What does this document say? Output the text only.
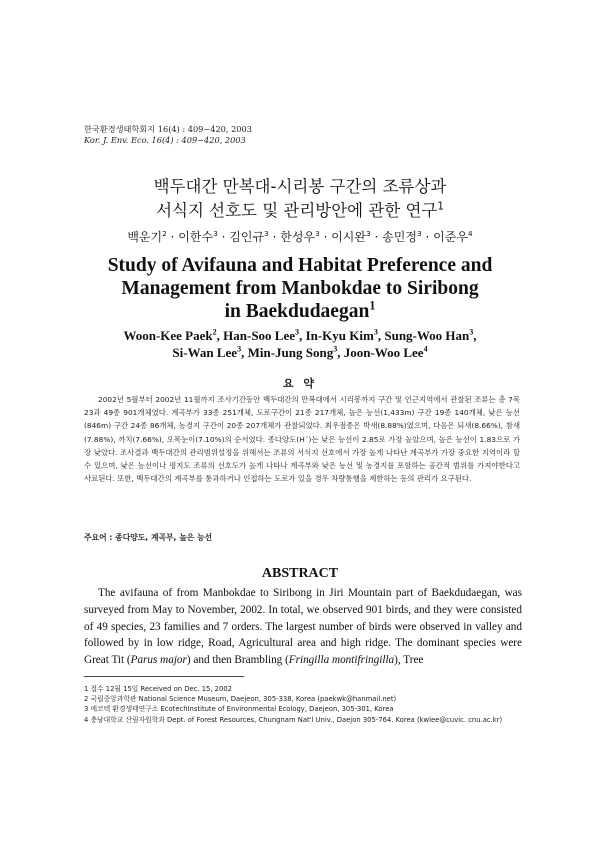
한국환경생태학회지 16(4) : 409~420, 2003
Kor. J. Env. Eco. 16(4) : 409~420, 2003
백두대간 만복대-시리봉 구간의 조류상과
서식지 선호도 및 관리방안에 관한 연구$^1$
백운기$^2$ · 이한수$^3$ · 김인규$^3$ · 한성우$^3$ · 이시완$^3$ · 송민정$^3$ · 이준우$^4$
Study of Avifauna and Habitat Preference and
Management from Manbokdae to Siribong
in Baekdudaegan$^1$
Woon-Kee Paek$^2$, Han-Soo Lee$^3$, In-Kyu Kim$^3$, Sung-Woo Han$^3$,
Si-Wan Lee$^3$, Min-Jung Song$^3$, Joon-Woo Lee$^4$
요 약
2002년 5월부터 2002년 11월까지 조사기간동안 백두대간의 만복대에서 시리봉까지 구간 및 인근지역에서 관찰된 조류는 총 7목 23과 49종 901개체였다. 계곡부가 33종 251개체, 도로구간이 21종 217개체, 높은 능선(1,433m) 구간 19종 140개체, 낮은 능선(846m) 구간 24종 86개체, 농경지 구간이 20종 207개체가 관찰되었다. 최우점종은 박새(8.88%)였으며, 다음은 되새(8.66%), 참새(7.88%), 까치(7.66%), 오목눈이(7.10%)의 순서였다. 종다양도(H´)는 낮은 능선이 2.85로 가장 높았으며, 높은 능선이 1.83으로 가장 낮았다. 조사결과 백두대간의 관리범위설정을 위해서는 조류의 서식지 선호에서 가장 높게 나타난 계곡부가 가장 중요한 지역이라 할 수 있으며, 낮은 능선이나 평지도 조류의 선호도가 높게 나타나 계곡부와 낮은 능선 및 농경지를 포함하는 공간적 범위를 가져야한다고 사료된다. 또한, 백두대간의 계곡부를 통과하거나 인접하는 도로가 있을 경우 차량통행을 제한하는 등의 관리가 요구된다.
주요어 : 종다양도, 계곡부, 높은 능선
ABSTRACT
The avifauna of from Manbokdae to Siribong in Jiri Mountain part of Baekdudaegan, was surveyed from May to November, 2002. In total, we observed 901 birds, and they were consisted of 49 species, 23 families and 7 orders. The largest number of birds were observed in valley and followed by in low ridge, Road, Agricultural area and high ridge. The dominant species were Great Tit (Parus major) and then Brambling (Fringilla montifringilla), Tree
1 접수 12월 15일 Received on Dec. 15, 2002
2 국립중앙과학관 National Science Museum, Daejeon, 305-338, Korea (paekwk@hanmail.net)
3 에코텍 환경생태연구소 EcotechInstitute of Environmental Ecology, Daejeon, 305-301, Korea
4 충남대학교 산림자원학과 Dept. of Forest Resources, Chungnam Nat'l Univ., Daejon 305-764. Korea (kwlee@cuvic. cnu.ac.kr)
